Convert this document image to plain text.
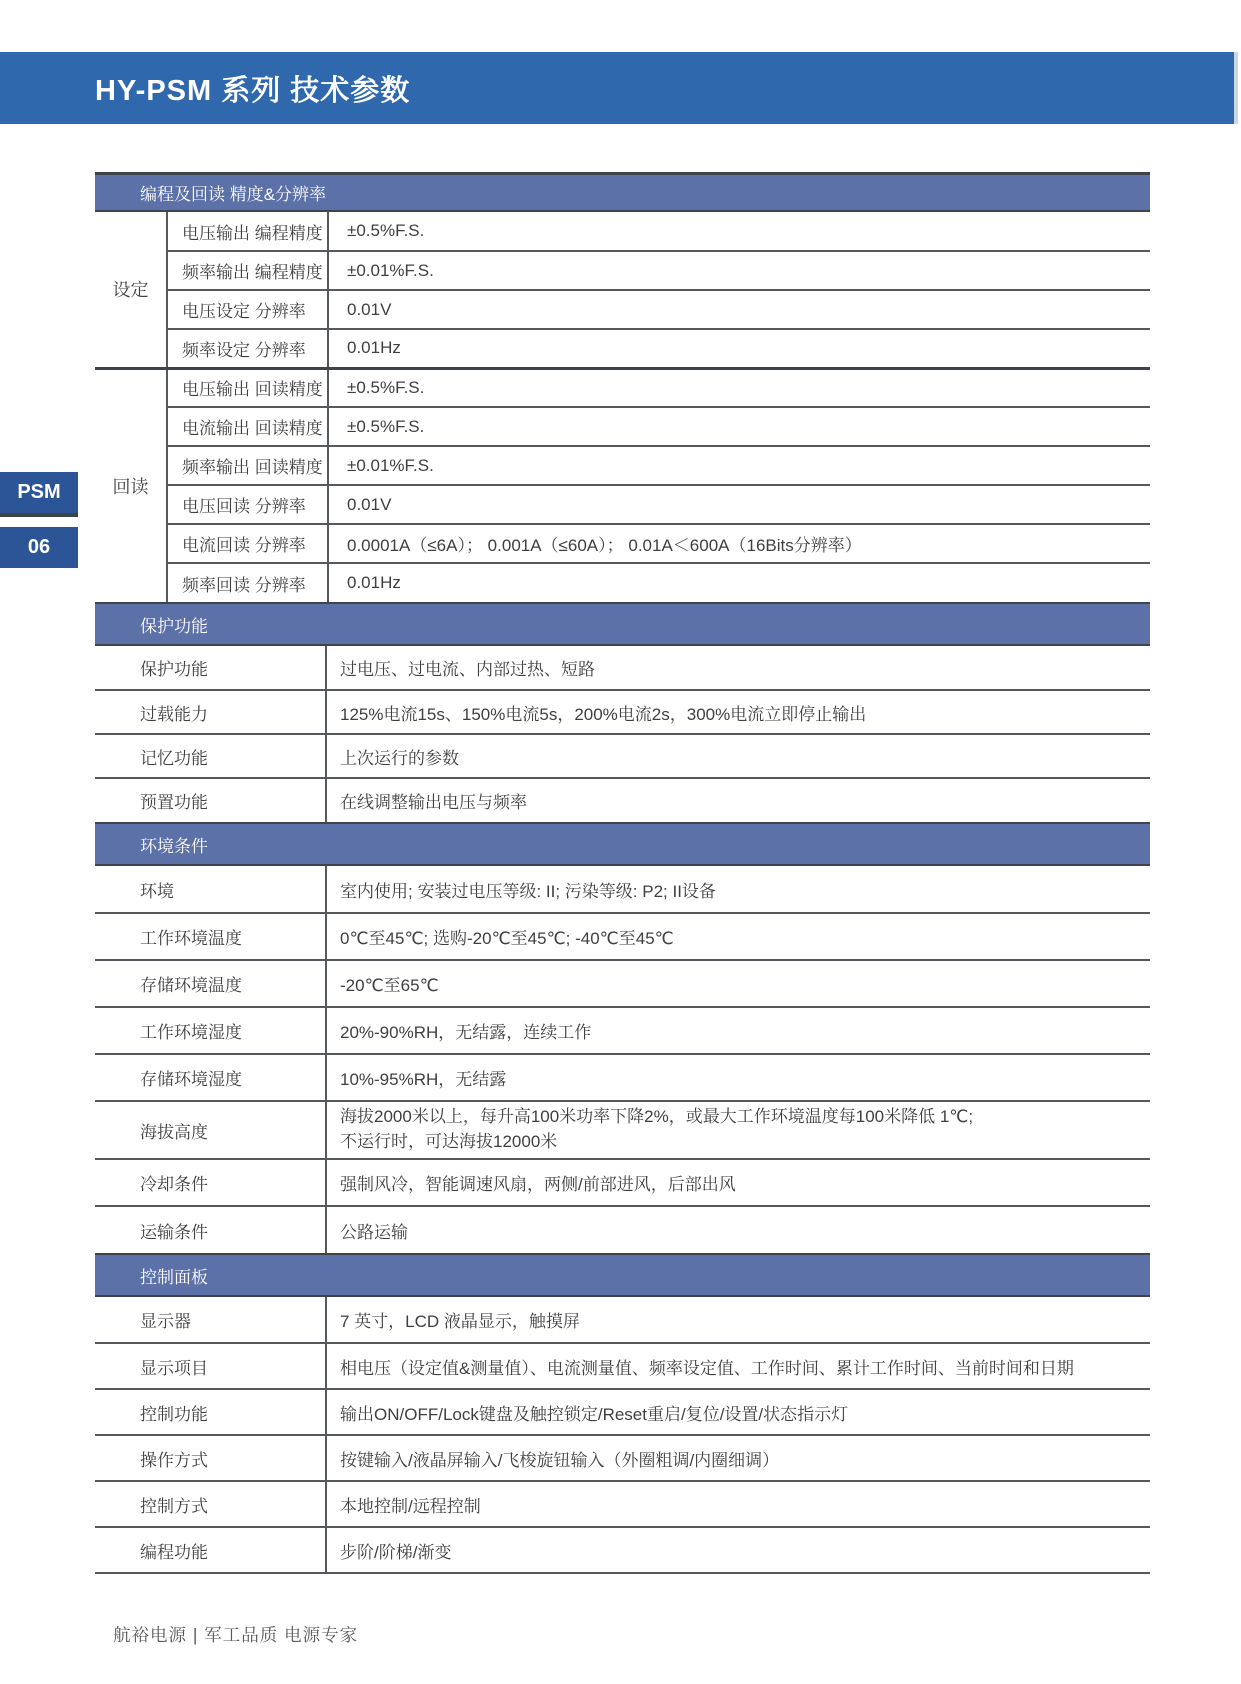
HY-PSM 系列 技术参数
PSM
06
编程及回读 精度&分辨率
设定	电压输出 编程精度	±0.5%F.S.
	频率输出 编程精度	±0.01%F.S.
	电压设定 分辨率	0.01V
	频率设定 分辨率	0.01Hz
回读	电压输出 回读精度	±0.5%F.S.
	电流输出 回读精度	±0.5%F.S.
	频率输出 回读精度	±0.01%F.S.
	电压回读 分辨率	0.01V
	电流回读 分辨率	0.0001A（≤6A）； 0.001A（≤60A）； 0.01A＜600A（16Bits分辨率）
	频率回读 分辨率	0.01Hz
保护功能
保护功能	过电压、过电流、内部过热、短路
过载能力	125%电流15s、150%电流5s，200%电流2s，300%电流立即停止输出
记忆功能	上次运行的参数
预置功能	在线调整输出电压与频率
环境条件
环境	室内使用; 安装过电压等级: II; 污染等级: P2; II设备
工作环境温度	0℃至45℃; 选购-20℃至45℃; -40℃至45℃
存储环境温度	-20℃至65℃
工作环境湿度	20%-90%RH，无结露，连续工作
存储环境湿度	10%-95%RH，无结露
海拔高度	海拔2000米以上，每升高100米功率下降2%，或最大工作环境温度每100米降低 1℃;
不运行时，可达海拔12000米

冷却条件	强制风冷，智能调速风扇，两侧/前部进风，后部出风
运输条件	公路运输
控制面板
显示器	7 英寸，LCD 液晶显示，触摸屏
显示项目	相电压（设定值&测量值）、电流测量值、频率设定值、工作时间、累计工作时间、当前时间和日期
控制功能	输出ON/OFF/Lock键盘及触控锁定/Reset重启/复位/设置/状态指示灯
操作方式	按键输入/液晶屏输入/飞梭旋钮输入（外圈粗调/内圈细调）
控制方式	本地控制/远程控制
编程功能	步阶/阶梯/渐变
航裕电源 | 军工品质 电源专家
